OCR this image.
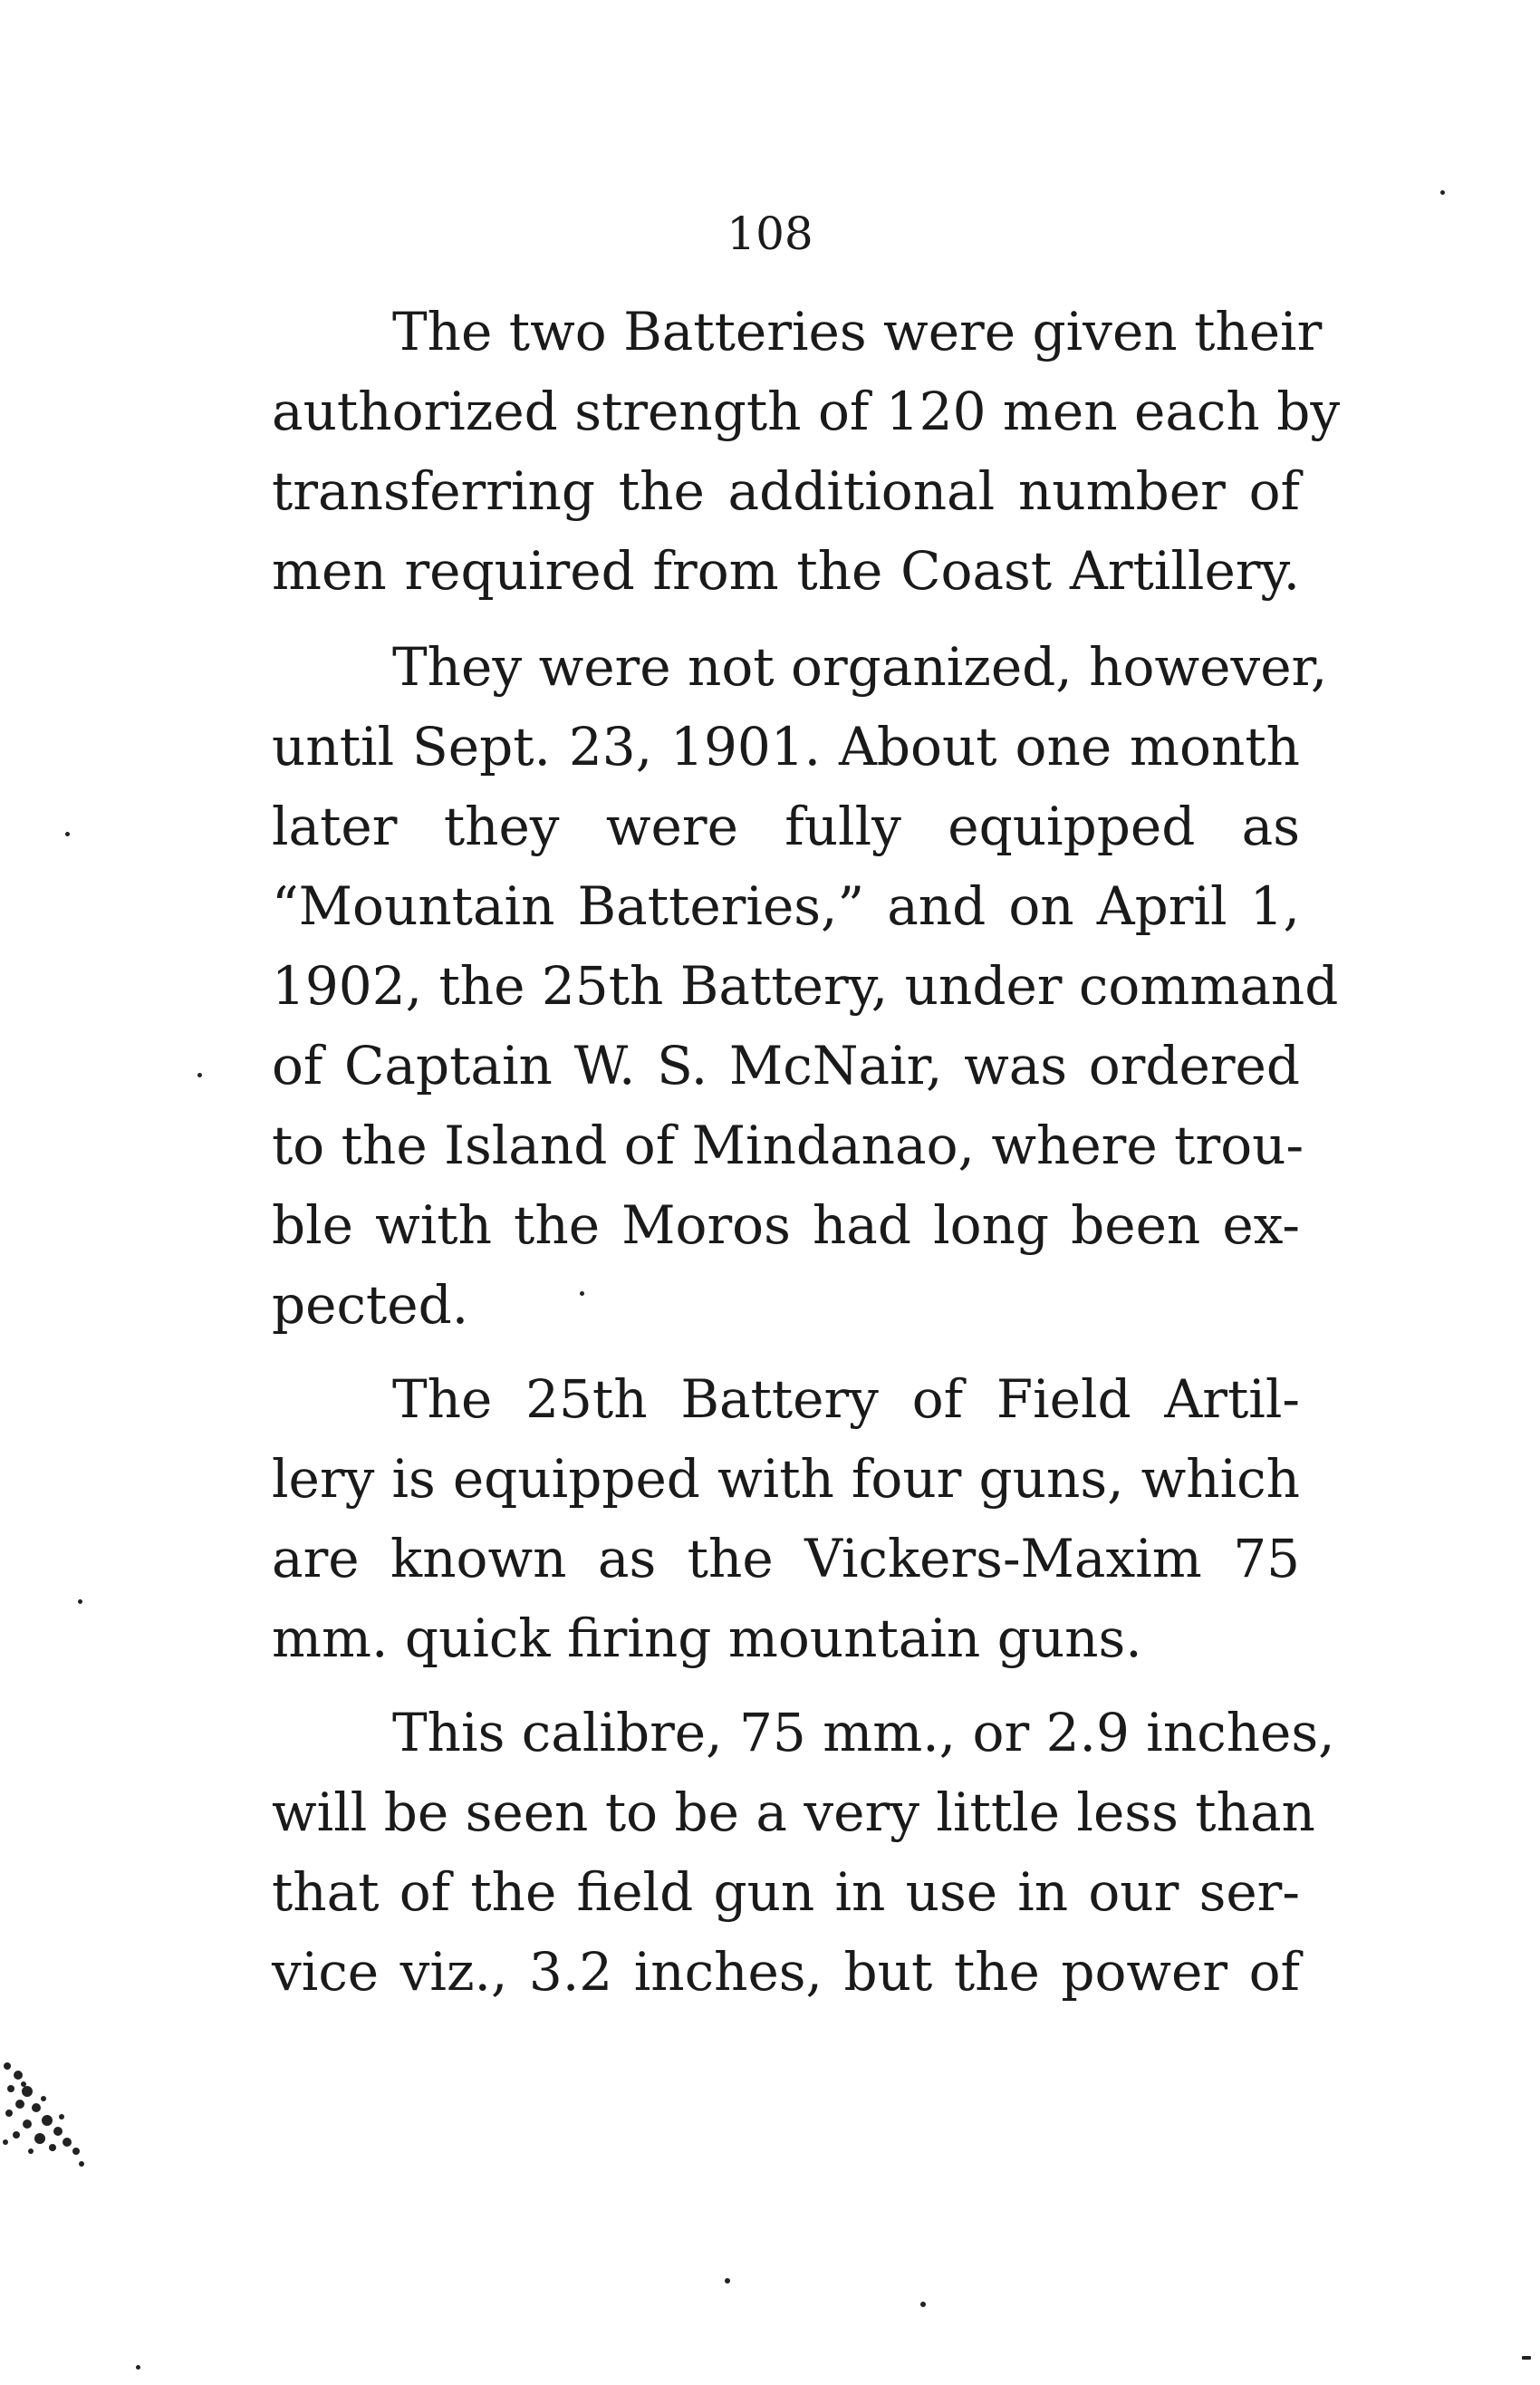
108
The two Batteries were given their
authorized strength of 120 men each by
transferring the additional number of
men required from the Coast Artillery.
They were not organized, however,
until Sept. 23, 1901. About one month
later they were fully equipped as
“Mountain Batteries,” and on April 1,
1902, the 25th Battery, under command
of Captain W. S. McNair, was ordered
to the Island of Mindanao, where trou-
ble with the Moros had long been ex-
pected.
The 25th Battery of Field Artil-
lery is equipped with four guns, which
are known as the Vickers-Maxim 75
mm. quick firing mountain guns.
This calibre, 75 mm., or 2.9 inches,
will be seen to be a very little less than
that of the field gun in use in our ser-
vice viz., 3.2 inches, but the power of
